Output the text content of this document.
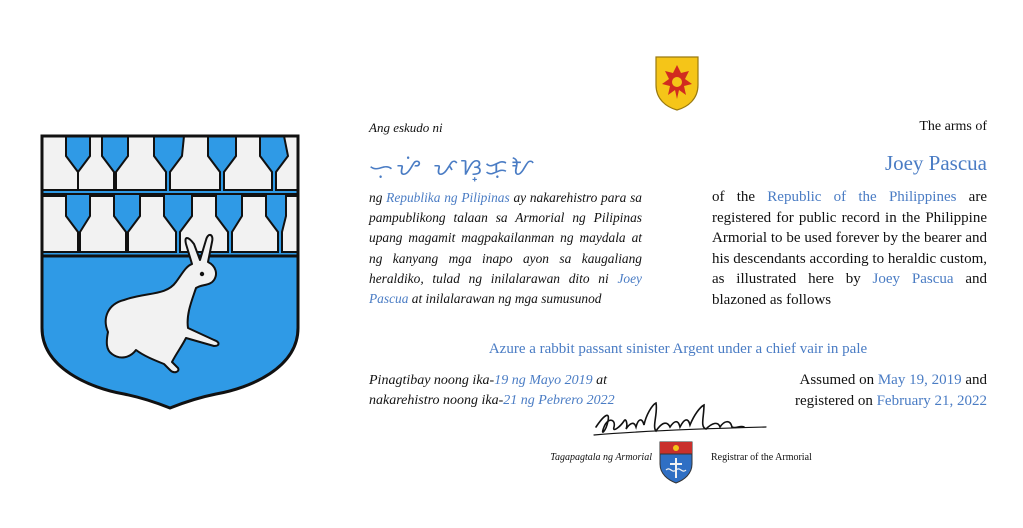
Ang eskudo ni	The arms of
ᜑᜓᜌᜒ ᜉᜐ᜔ᜃᜓᜀ	Joey Pascua
ng Republika ng Pilipinas ay nakarehistro para sa pampublikong talaan sa Armorial ng Pilipinas upang magamit magpakailanman ng maydala at ng kanyang mga inapo ayon sa kaugaliang heraldiko, tulad ng inilalarawan dito ni Joey Pascua at inilalarawan ng mga sumusunod
of the Republic of the Philippines are registered for public record in the Philippine Armorial to be used forever by the bearer and his descendants according to heraldic custom, as illustrated here by Joey Pascua and blazoned as follows
Azure a rabbit passant sinister Argent under a chief vair in pale
Pinagtibay noong ika-19 ng Mayo 2019 at
nakarehistro noong ika-21 ng Pebrero 2022
Assumed on May 19, 2019 and
registered on February 21, 2022
Tagapagtala ng Armorial	Registrar of the Armorial
